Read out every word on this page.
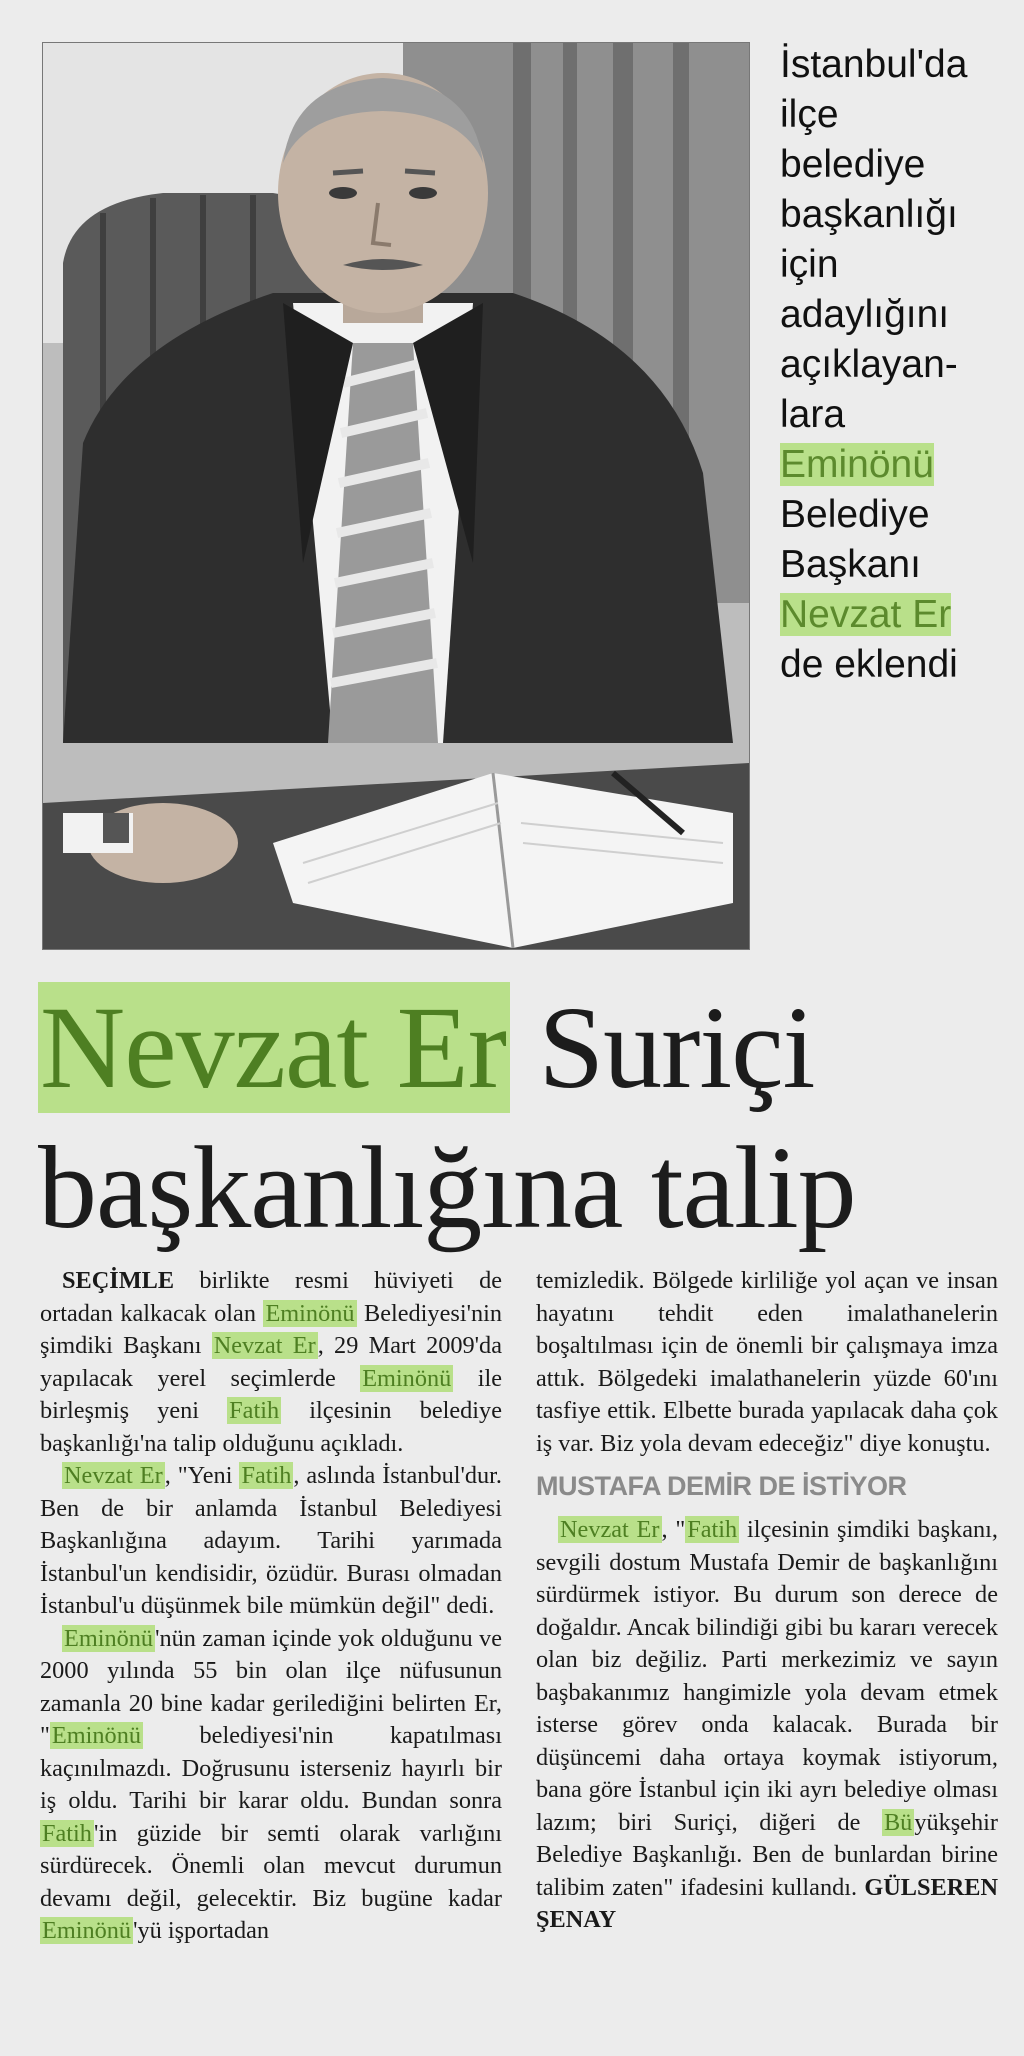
İstanbul'da
ilçe
belediye
başkanlığı
için
adaylığını
açıklayan-
lara
Eminönü
Belediye
Başkanı
Nevzat Er
de eklendi
Nevzat Er Suriçi
başkanlığına talip

SEÇİMLE birlikte resmi hüviyeti de ortadan kalkacak olan Eminönü Belediyesi'nin şimdiki Başkanı Nevzat Er, 29 Mart 2009'da yapılacak yerel seçimlerde Eminönü ile birleşmiş yeni Fatih ilçesinin belediye başkanlığı'na talip olduğunu açıkladı.

Nevzat Er, "Yeni Fatih, aslında İstanbul'dur. Ben de bir anlamda İstanbul Belediyesi Başkanlığına adayım. Tarihi yarımada İstanbul'un kendisidir, özüdür. Burası olmadan İstanbul'u düşünmek bile mümkün değil" dedi.

Eminönü'nün zaman içinde yok olduğunu ve 2000 yılında 55 bin olan ilçe nüfusunun zamanla 20 bine kadar gerilediğini belirten Er, "Eminönü belediyesi'nin kapatılması kaçınılmazdı. Doğrusunu isterseniz hayırlı bir iş oldu. Tarihi bir karar oldu. Bundan sonra Fatih'in güzide bir semti olarak varlığını sürdürecek. Önemli olan mevcut durumun devamı değil, gelecektir. Biz bugüne kadar Eminönü'yü işportadan

temizledik. Bölgede kirliliğe yol açan ve insan hayatını tehdit eden imalathanelerin boşaltılması için de önemli bir çalışmaya imza attık. Bölgedeki imalathanelerin yüzde 60'ını tasfiye ettik. Elbette burada yapılacak daha çok iş var. Biz yola devam edeceğiz" diye konuştu.

MUSTAFA DEMİR DE İSTİYOR

Nevzat Er, "Fatih ilçesinin şimdiki başkanı, sevgili dostum Mustafa Demir de başkanlığını sürdürmek istiyor. Bu durum son derece de doğaldır. Ancak bilindiği gibi bu kararı verecek olan biz değiliz. Parti merkezimiz ve sayın başbakanımız hangimizle yola devam etmek isterse görev onda kalacak. Burada bir düşüncemi daha ortaya koymak istiyorum, bana göre İstanbul için iki ayrı belediye olması lazım; biri Suriçi, diğeri de Büyükşehir Belediye Başkanlığı. Ben de bunlardan birine talibim zaten" ifadesini kullandı. GÜLSEREN ŞENAY
